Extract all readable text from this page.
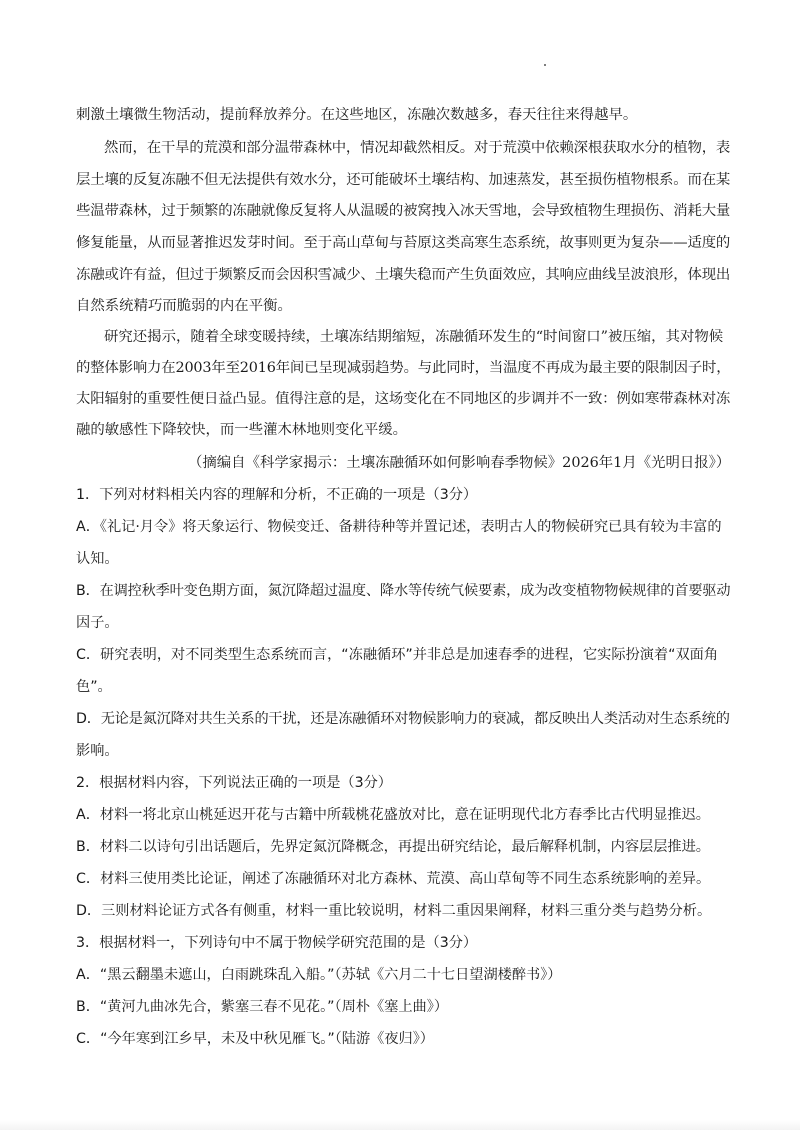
刺激土壤微生物活动，提前释放养分。在这些地区，冻融次数越多，春天往往来得越早。
然而，在干旱的荒漠和部分温带森林中，情况却截然相反。对于荒漠中依赖深根获取水分的植物，表
层土壤的反复冻融不但无法提供有效水分，还可能破坏土壤结构、加速蒸发，甚至损伤植物根系。而在某
些温带森林，过于频繁的冻融就像反复将人从温暖的被窝拽入冰天雪地，会导致植物生理损伤、消耗大量
修复能量，从而显著推迟发芽时间。至于高山草甸与苔原这类高寒生态系统，故事则更为复杂——适度的
冻融或许有益，但过于频繁反而会因积雪减少、土壤失稳而产生负面效应，其响应曲线呈波浪形，体现出
自然系统精巧而脆弱的内在平衡。
研究还揭示，随着全球变暖持续，土壤冻结期缩短，冻融循环发生的“时间窗口”被压缩，其对物候
的整体影响力在2003年至2016年间已呈现减弱趋势。与此同时，当温度不再成为最主要的限制因子时，
太阳辐射的重要性便日益凸显。值得注意的是，这场变化在不同地区的步调并不一致：例如寒带森林对冻
融的敏感性下降较快，而一些灌木林地则变化平缓。
（摘编自《科学家揭示：土壤冻融循环如何影响春季物候》2026年1月《光明日报》）
1．下列对材料相关内容的理解和分析，不正确的一项是（3分）
A．《礼记·月令》将天象运行、物候变迁、备耕待种等并置记述，表明古人的物候研究已具有较为丰富的
认知。
B．在调控秋季叶变色期方面，氮沉降超过温度、降水等传统气候要素，成为改变植物物候规律的首要驱动
因子。
C．研究表明，对不同类型生态系统而言，“冻融循环”并非总是加速春季的进程，它实际扮演着“双面角
色”。
D．无论是氮沉降对共生关系的干扰，还是冻融循环对物候影响力的衰减，都反映出人类活动对生态系统的
影响。
2．根据材料内容，下列说法正确的一项是（3分）
A．材料一将北京山桃延迟开花与古籍中所载桃花盛放对比，意在证明现代北方春季比古代明显推迟。
B．材料二以诗句引出话题后，先界定氮沉降概念，再提出研究结论，最后解释机制，内容层层推进。
C．材料三使用类比论证，阐述了冻融循环对北方森林、荒漠、高山草甸等不同生态系统影响的差异。
D．三则材料论证方式各有侧重，材料一重比较说明，材料二重因果阐释，材料三重分类与趋势分析。
3．根据材料一，下列诗句中不属于物候学研究范围的是（3分）
A．“黑云翻墨未遮山，白雨跳珠乱入船。”（苏轼《六月二十七日望湖楼醉书》）
B．“黄河九曲冰先合，紫塞三春不见花。”（周朴《塞上曲》）
C．“今年寒到江乡早，未及中秋见雁飞。”（陆游《夜归》）
